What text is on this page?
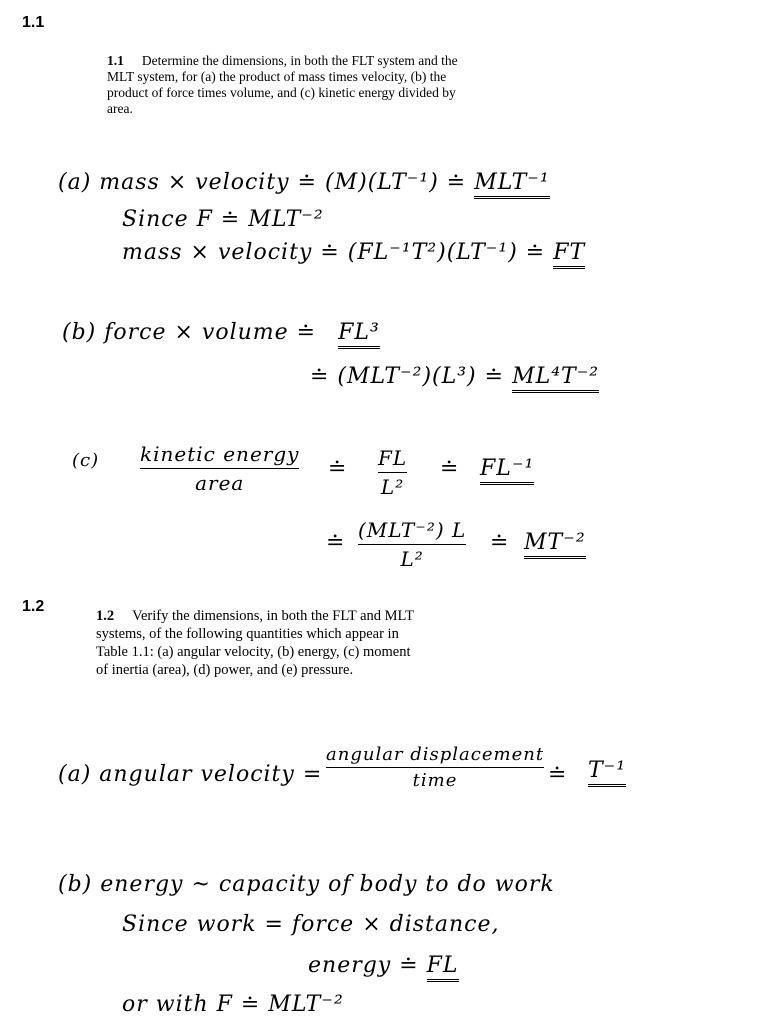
1.1
1.1 Determine the dimensions, in both the FLT system and the MLT system, for (a) the product of mass times velocity, (b) the product of force times volume, and (c) kinetic energy divided by area.
(a) mass × velocity ≐ (M)(LT⁻¹) ≐ MLT⁻¹
Since F ≐ MLT⁻²
mass × velocity ≐ (FL⁻¹T²)(LT⁻¹) ≐ FT
(b) force × volume ≐ FL³
≐ (MLT⁻²)(L³) ≐ ML⁴T⁻²
(c) kinetic energy
area
≐ FL
L²
≐ FL⁻¹
≐ (MLT⁻²) L
L²
≐ MT⁻²
1.2
1.2 Verify the dimensions, in both the FLT and MLT systems, of the following quantities which appear in Table 1.1: (a) angular velocity, (b) energy, (c) moment of inertia (area), (d) power, and (e) pressure.
(a) angular velocity =
angular displacement
time	≐ T⁻¹
(b) energy ~ capacity of body to do work
Since work = force × distance,
energy ≐ FL
or with F ≐ MLT⁻²
